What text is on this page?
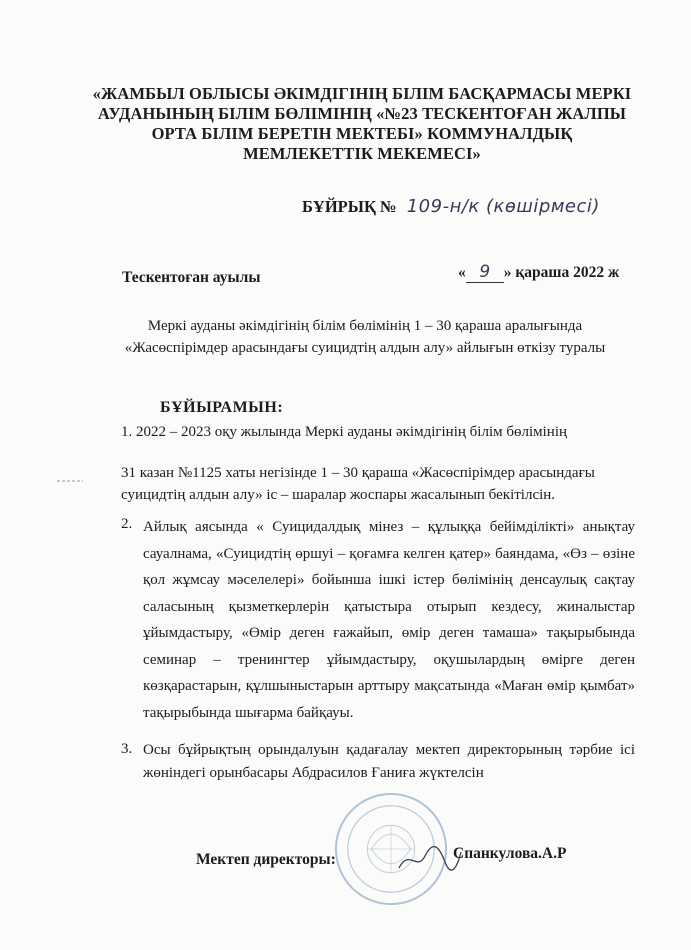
«ЖАМБЫЛ ОБЛЫСЫ ӘКІМДІГІНІҢ БІЛІМ БАСҚАРМАСЫ МЕРКІ АУДАНЫНЫҢ БІЛІМ БӨЛІМІНІҢ «№23 ТЕСКЕНТОҒАН ЖАЛПЫ ОРТА БІЛІМ БЕРЕТІН МЕКТЕБІ» КОММУНАЛДЫҚ МЕМЛЕКЕТТІК МЕКЕМЕСІ»
БҰЙРЫҚ № 109-н/к (көшірмесі)
Тескентоған ауылы	« 9 » қараша 2022 ж
Меркі ауданы әкімдігінің білім бөлімінің 1 – 30 қараша аралығында
«Жасөспірімдер арасындағы суицидтің алдын алу» айлығын өткізу туралы
БҰЙЫРАМЫН:
1. 2022 – 2023 оқу жылында Меркі ауданы әкімдігінің білім бөлімінің
31 казан №1125 хаты негізінде 1 – 30 қараша «Жасөспірімдер арасындағы суицидтің алдын алу» іс – шаралар жоспары жасалынып бекітілсін.
2. Айлық аясында « Суицидалдық мінез – құлыққа бейімділікті» анықтау сауалнама, «Суицидтің өршуі – қоғамға келген қатер» баяндама, «Өз – өзіне қол жұмсау мәселелері» бойынша ішкі істер бөлімінің денсаулық сақтау саласының қызметкерлерін қатыстыра отырып кездесу, жиналыстар ұйымдастыру, «Өмір деген ғажайып, өмір деген тамаша» тақырыбында семинар – тренингтер ұйымдастыру, оқушылардың өмірге деген көзқарастарын, құлшыныстарын арттыру мақсатында «Маған өмір қымбат» тақырыбында шығарма байқауы.
3. Осы бұйрықтың орындалуын қадағалау мектеп директорының тәрбие ісі жөніндегі орынбасары Абдрасилов Ғаниға жүктелсін
Мектеп директоры:	Спанкулова.А.Р
